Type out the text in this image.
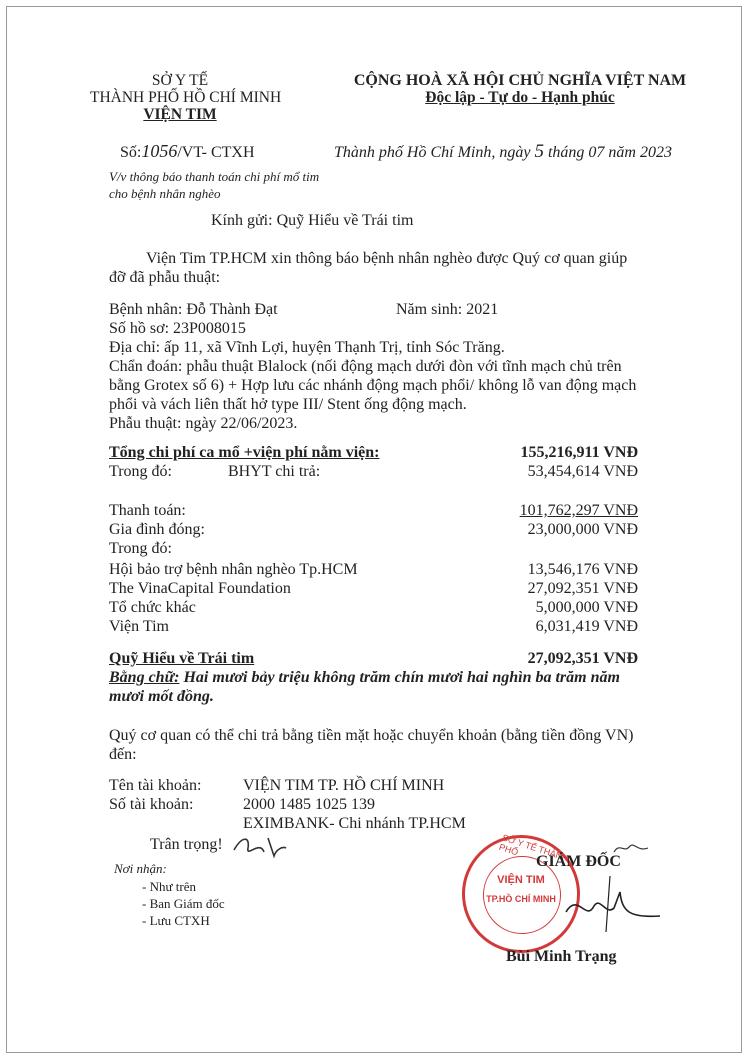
SỞ Y TẾ
THÀNH PHỐ HỒ CHÍ MINH
VIỆN TIM
Số:1056/VT- CTXH
V/v thông báo thanh toán chi phí mổ tim
cho bệnh nhân nghèo
CỘNG HOÀ XÃ HỘI CHỦ NGHĨA VIỆT NAM
Độc lập - Tự do - Hạnh phúc
Thành phố Hồ Chí Minh, ngày 5 tháng 07 năm 2023
Kính gửi: Quỹ Hiểu về Trái tim
Viện Tim TP.HCM xin thông báo bệnh nhân nghèo được Quý cơ quan giúp
đỡ đã phẫu thuật:
Bệnh nhân: Đỗ Thành Đạt	Năm sinh: 2021
Số hồ sơ: 23P008015
Địa chỉ: ấp 11, xã Vĩnh Lợi, huyện Thạnh Trị, tỉnh Sóc Trăng.
Chẩn đoán: phẫu thuật Blalock (nối động mạch dưới đòn với tĩnh mạch chủ trên
bằng Grotex số 6) + Hợp lưu các nhánh động mạch phổi/ không lỗ van động mạch
phổi và vách liên thất hở type III/ Stent ống động mạch.
Phẫu thuật: ngày 22/06/2023.
Tổng chi phí ca mổ +viện phí nằm viện:	155,216,911 VNĐ
Trong đó:	BHYT chi trả:	53,454,614 VNĐ
Thanh toán:	101,762,297 VNĐ
Gia đình đóng:	23,000,000 VNĐ
Trong đó:
Hội bảo trợ bệnh nhân nghèo Tp.HCM	13,546,176 VNĐ
The VinaCapital Foundation	27,092,351 VNĐ
Tổ chức khác	5,000,000 VNĐ
Viện Tim	6,031,419 VNĐ
Quỹ Hiểu về Trái tim	27,092,351 VNĐ
Bằng chữ: Hai mươi bảy triệu không trăm chín mươi hai nghìn ba trăm năm
mươi mốt đồng.
Quý cơ quan có thể chi trả bằng tiền mặt hoặc chuyển khoản (bằng tiền đồng VN)
đến:
Tên tài khoản:	VIỆN TIM TP. HỒ CHÍ MINH
Số tài khoản:	2000 1485 1025 139
EXIMBANK- Chi nhánh TP.HCM
Trân trọng!
Nơi nhận:
- Như trên
- Ban Giám đốc
- Lưu CTXH
SỞ Y TẾ THÀNH PHỐ
VIỆN TIM
TP.HỒ CHÍ MINH
GIÁM ĐỐC
Bùi Minh Trạng
